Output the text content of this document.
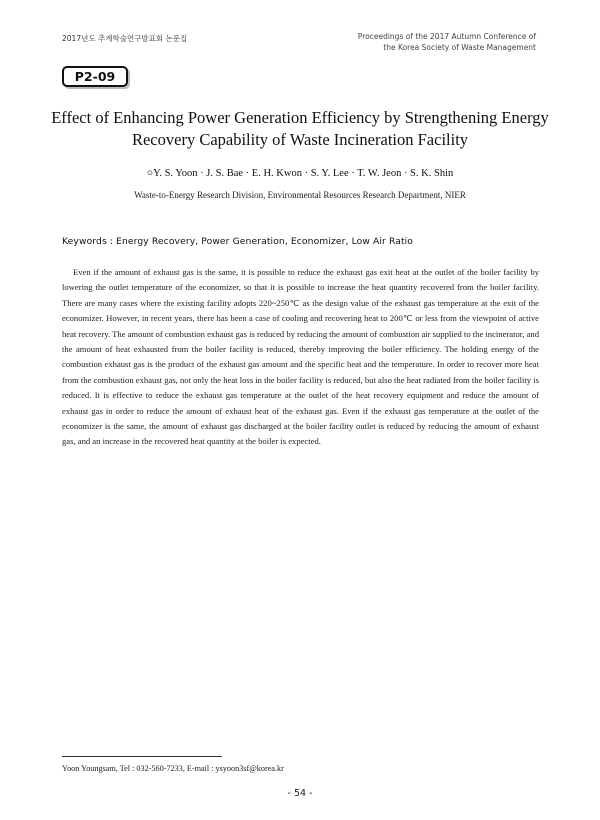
2017년도 추계학술연구발표회 논문집	Proceedings of the 2017 Autumn Conference of
the Korea Society of Waste Management
P2-09
Effect of Enhancing Power Generation Efficiency by Strengthening Energy
Recovery Capability of Waste Incineration Facility
○Y. S. Yoon · J. S. Bae · E. H. Kwon · S. Y. Lee · T. W. Jeon · S. K. Shin
Waste-to-Energy Research Division, Environmental Resources Research Department, NIER
Keywords : Energy Recovery, Power Generation, Economizer, Low Air Ratio

Even if the amount of exhaust gas is the same, it is possible to reduce the exhaust gas exit heat at the outlet of the boiler facility by lowering the outlet temperature of the economizer, so that it is possible to increase the heat quantity recovered from the boiler facility. There are many cases where the existing facility adopts 220~250℃ as the design value of the exhaust gas temperature at the exit of the economizer. However, in recent years, there has been a case of cooling and recovering heat to 200℃ or less from the viewpoint of active heat recovery. The amount of combustion exhaust gas is reduced by reducing the amount of combustion air supplied to the incinerator, and the amount of heat exhausted from the boiler facility is reduced, thereby improving the boiler efficiency. The holding energy of the combustion exhaust gas is the product of the exhaust gas amount and the specific heat and the temperature. In order to recover more heat from the combustion exhaust gas, not only the heat loss in the boiler facility is reduced, but also the heat radiated from the boiler facility is reduced. It is effective to reduce the exhaust gas temperature at the outlet of the heat recovery equipment and reduce the amount of exhaust gas in order to reduce the amount of exhaust heat of the exhaust gas. Even if the exhaust gas temperature at the outlet of the economizer is the same, the amount of exhaust gas discharged at the boiler facility outlet is reduced by reducing the amount of exhaust gas, and an increase in the recovered heat quantity at the boiler is expected.

Yoon Youngsam, Tel : 032-560-7233, E-mail : ysyoon3sf@korea.kr
- 54 -
